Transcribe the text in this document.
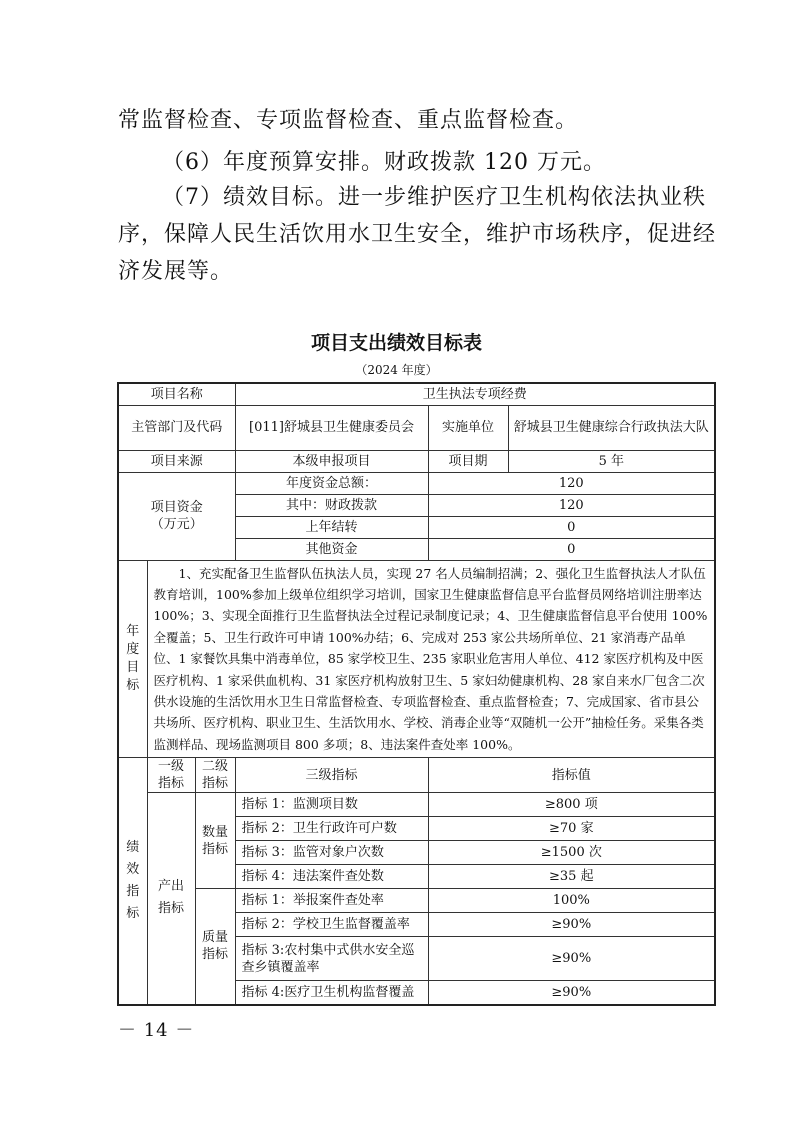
常监督检查、专项监督检查、重点监督检查。
（6）年度预算安排。财政拨款 120 万元。
（7）绩效目标。进一步维护医疗卫生机构依法执业秩
序，保障人民生活饮用水卫生安全，维护市场秩序，促进经
济发展等。
项目支出绩效目标表
（2024 年度）
项目名称			卫生执法专项经费		
主管部门及代码			[011]舒城县卫生健康委员会	实施单位	舒城县卫生健康综合行政执法大队
项目来源			本级申报项目	项目期	5 年

项目资金
（万元）			年度资金总额：	120	
			其中：财政拨款	120	
			上年结转	0	
			其他资金	0	

年度目标	1、充实配备卫生监督队伍执法人员，实现 27 名人员编制招满；2、强化卫生监督执法人才队伍教育培训，100%参加上级单位组织学习培训，国家卫生健康监督信息平台监督员网络培训注册率达 100%；3、实现全面推行卫生监督执法全过程记录制度记录；4、卫生健康监督信息平台使用 100%全覆盖；5、卫生行政许可申请 100%办结；6、完成对 253 家公共场所单位、21 家消毒产品单位、1 家餐饮具集中消毒单位，85 家学校卫生、235 家职业危害用人单位、412 家医疗机构及中医医疗机构、1 家采供血机构、31 家医疗机构放射卫生、5 家妇幼健康机构、28 家自来水厂包含二次供水设施的生活饮用水卫生日常监督检查、专项监督检查、重点监督检查；7、完成国家、省市县公共场所、医疗机构、职业卫生、生活饮用水、学校、消毒企业等“双随机一公开”抽检任务。采集各类监测样品、现场监测项目 800 多项；8、违法案件查处率 100%。				

绩效指标	一级指标	二级指标	三级指标	指标值	
	产出指标	数量指标	指标 1：监测项目数	≥800 项	
			指标 2：卫生行政许可户数	≥70 家	
			指标 3：监管对象户次数	≥1500 次	
			指标 4：违法案件查处数	≥35 起	
		质量指标	指标 1：举报案件查处率	100%	
			指标 2：学校卫生监督覆盖率	≥90%	
			指标 3:农村集中式供水安全巡查乡镇覆盖率	≥90%	
			指标 4:医疗卫生机构监督覆盖	≥90%	
－ 14 －
